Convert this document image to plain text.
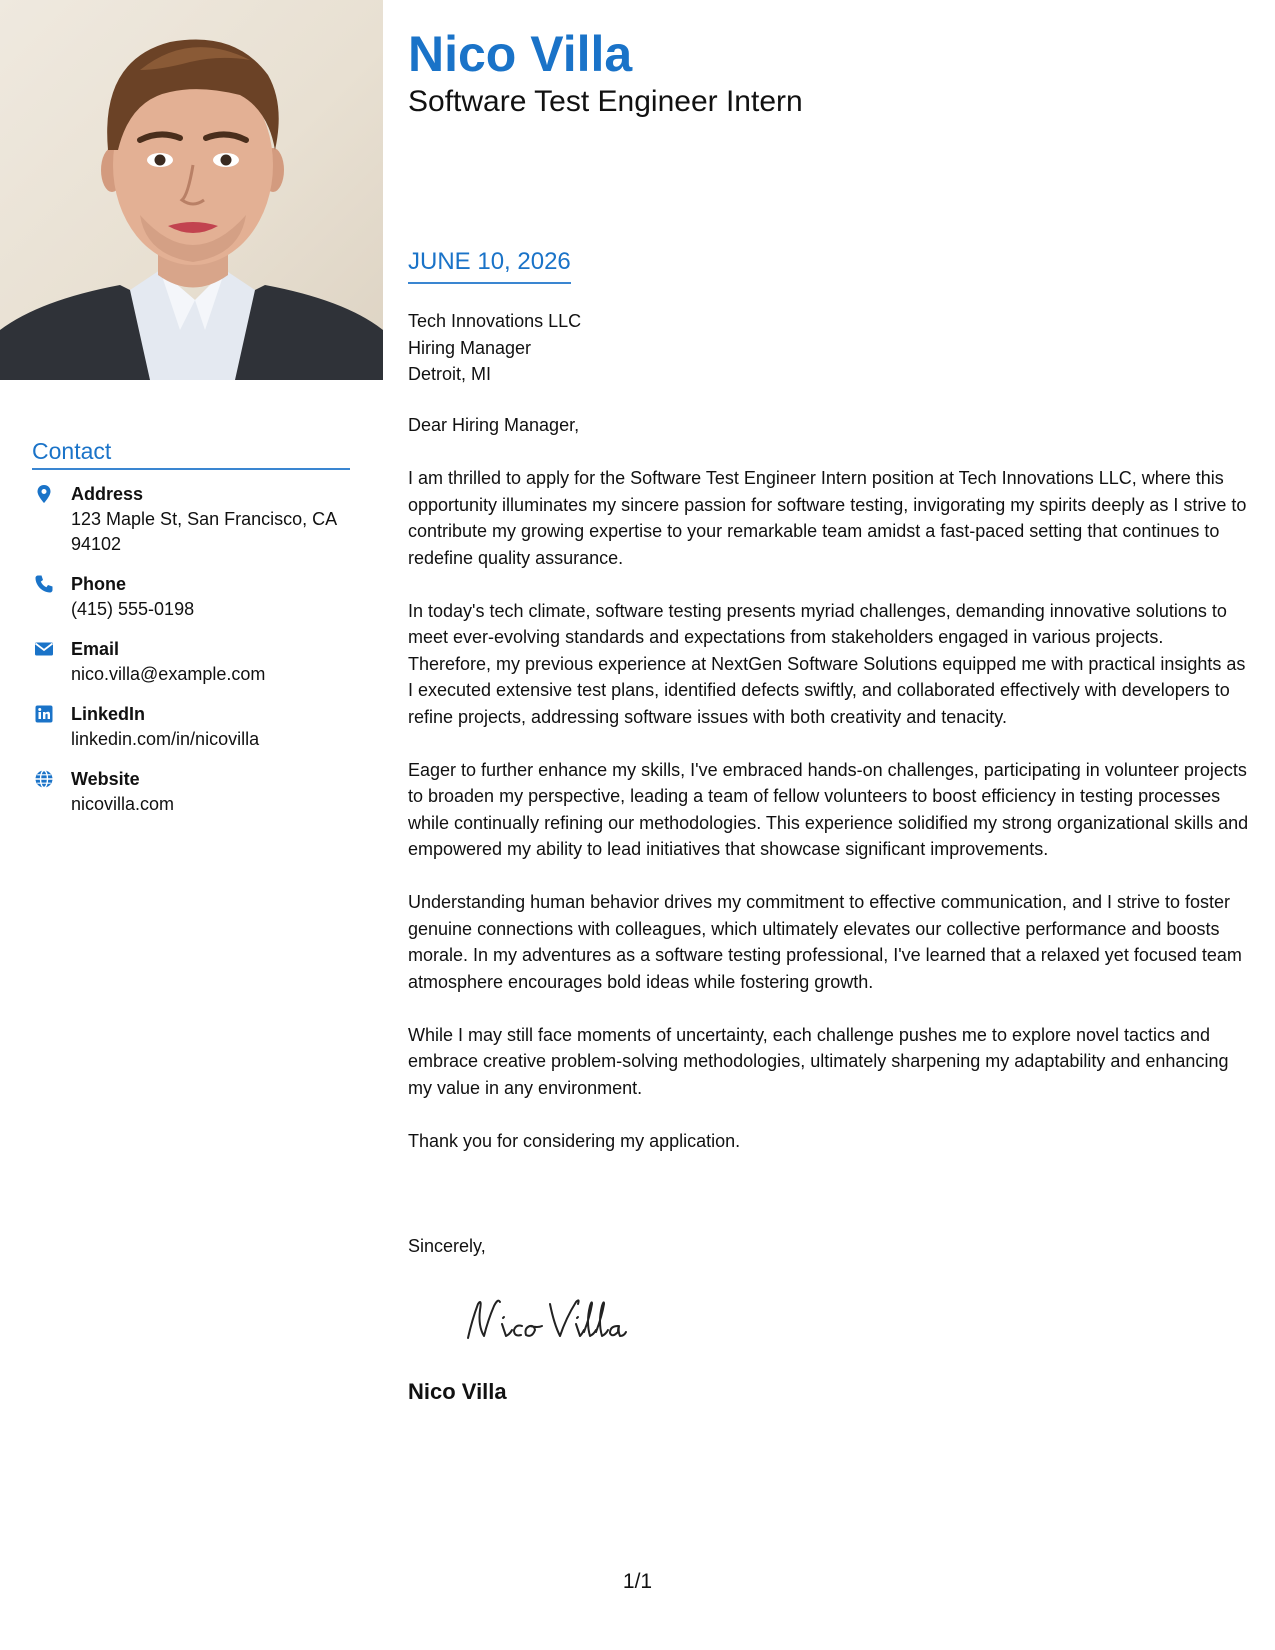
Contact
Address
123 Maple St, San Francisco, CA 94102
Phone
(415) 555-0198
Email
nico.villa@example.com
LinkedIn
linkedin.com/in/nicovilla
Website
nicovilla.com
Nico Villa
Software Test Engineer Intern
JUNE 10, 2026
Tech Innovations LLC
Hiring Manager
Detroit, MI

Dear Hiring Manager,

I am thrilled to apply for the Software Test Engineer Intern position at Tech Innovations LLC, where this opportunity illuminates my sincere passion for software testing, invigorating my spirits deeply as I strive to contribute my growing expertise to your remarkable team amidst a fast-paced setting that continues to redefine quality assurance.

In today's tech climate, software testing presents myriad challenges, demanding innovative solutions to meet ever-evolving standards and expectations from stakeholders engaged in various projects. Therefore, my previous experience at NextGen Software Solutions equipped me with practical insights as I executed extensive test plans, identified defects swiftly, and collaborated effectively with developers to refine projects, addressing software issues with both creativity and tenacity.

Eager to further enhance my skills, I've embraced hands-on challenges, participating in volunteer projects to broaden my perspective, leading a team of fellow volunteers to boost efficiency in testing processes while continually refining our methodologies. This experience solidified my strong organizational skills and empowered my ability to lead initiatives that showcase significant improvements.

Understanding human behavior drives my commitment to effective communication, and I strive to foster genuine connections with colleagues, which ultimately elevates our collective performance and boosts morale. In my adventures as a software testing professional, I've learned that a relaxed yet focused team atmosphere encourages bold ideas while fostering growth.

While I may still face moments of uncertainty, each challenge pushes me to explore novel tactics and embrace creative problem-solving methodologies, ultimately sharpening my adaptability and enhancing my value in any environment.

Thank you for considering my application.

Sincerely,
Nico Villa
Nico Villa
1/1
